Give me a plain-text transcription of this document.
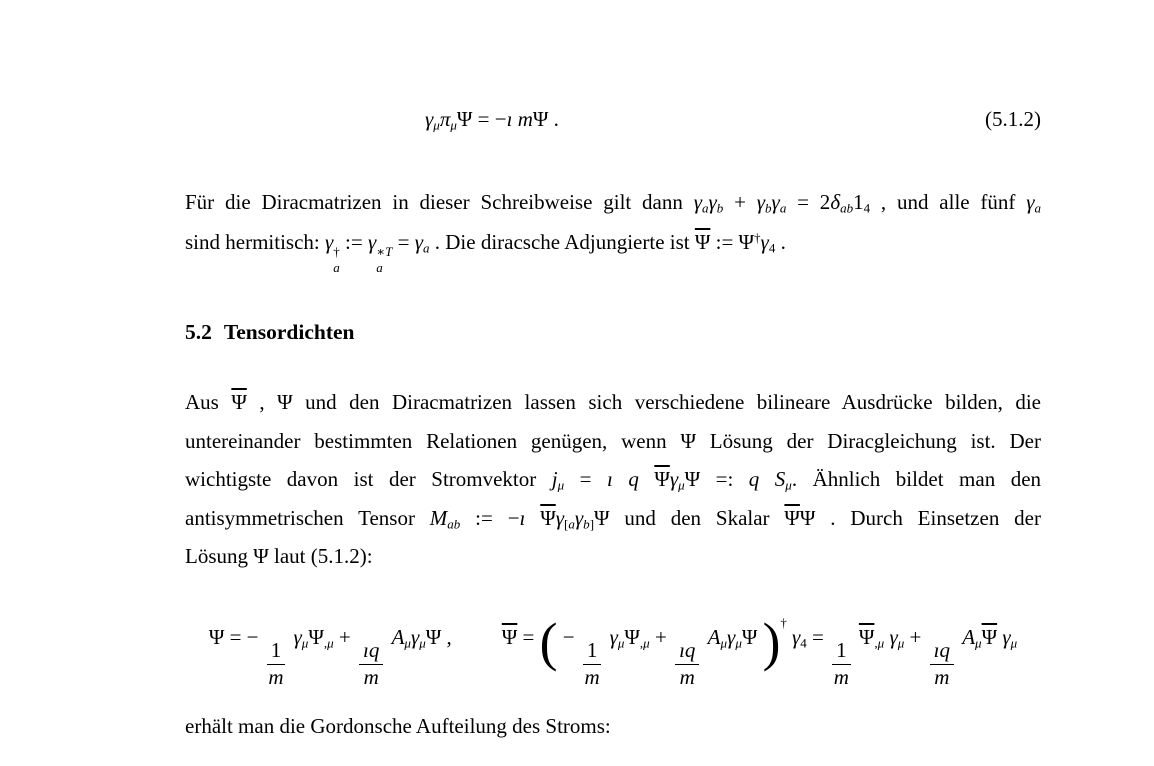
$\gamma_\mu\pi_\mu\Psi$ = −ı mΨ .	(5.1.2)
Für die Diracmatrizen in dieser Schreibweise gilt dann $\gamma_a\gamma_b + \gamma_b\gamma_a = 2\delta_{ab}1_4$ , und alle fünf $\gamma_a$
sind hermitisch: γ †
a
:= γ ∗T
a
= $\gamma_a$ . Die diracsche Adjungierte ist $\overline{\Psi}$ := $\Psi^\dagger\gamma_4$ .
5.2 Tensordichten
Aus $\overline{\Psi}$ , Ψ und den Diracmatrizen lassen sich verschiedene bilineare Ausdrücke bilden, die
untereinander bestimmten Relationen genügen, wenn Ψ Lösung der Diracgleichung ist. Der
wichtigste davon ist der Stromvektor $j_\mu$ = ı q $\overline{\Psi}\gamma_\mu\Psi$ =: q $S_\mu$. Ähnlich bildet man den
antisymmetrischen Tensor $M_{ab}$ := −ı $\overline{\Psi}\gamma_{[a}\gamma_{b]}\Psi$ und den Skalar $\overline{\Psi}\Psi$ . Durch Einsetzen der
Lösung Ψ laut (5.1.2):
Ψ = −
$\frac{1}{m}$
$\gamma_\mu\Psi_{,\mu}$ +
$\frac{ıq}{m}$
$A_\mu\gamma_\mu\Psi$ , $\overline{\Psi}$ = ( −
$\frac{1}{m}$
$\gamma_\mu\Psi_{,\mu}$ +
$\frac{ıq}{m}$
$A_\mu\gamma_\mu\Psi$ )† $\gamma_4$ =
$\frac{1}{m}$
$\overline{\Psi}_{,\mu}$ $\gamma_\mu$ +
$\frac{ıq}{m}$
$A_\mu\overline{\Psi}$ $\gamma_\mu$
erhält man die Gordonsche Aufteilung des Stroms:
